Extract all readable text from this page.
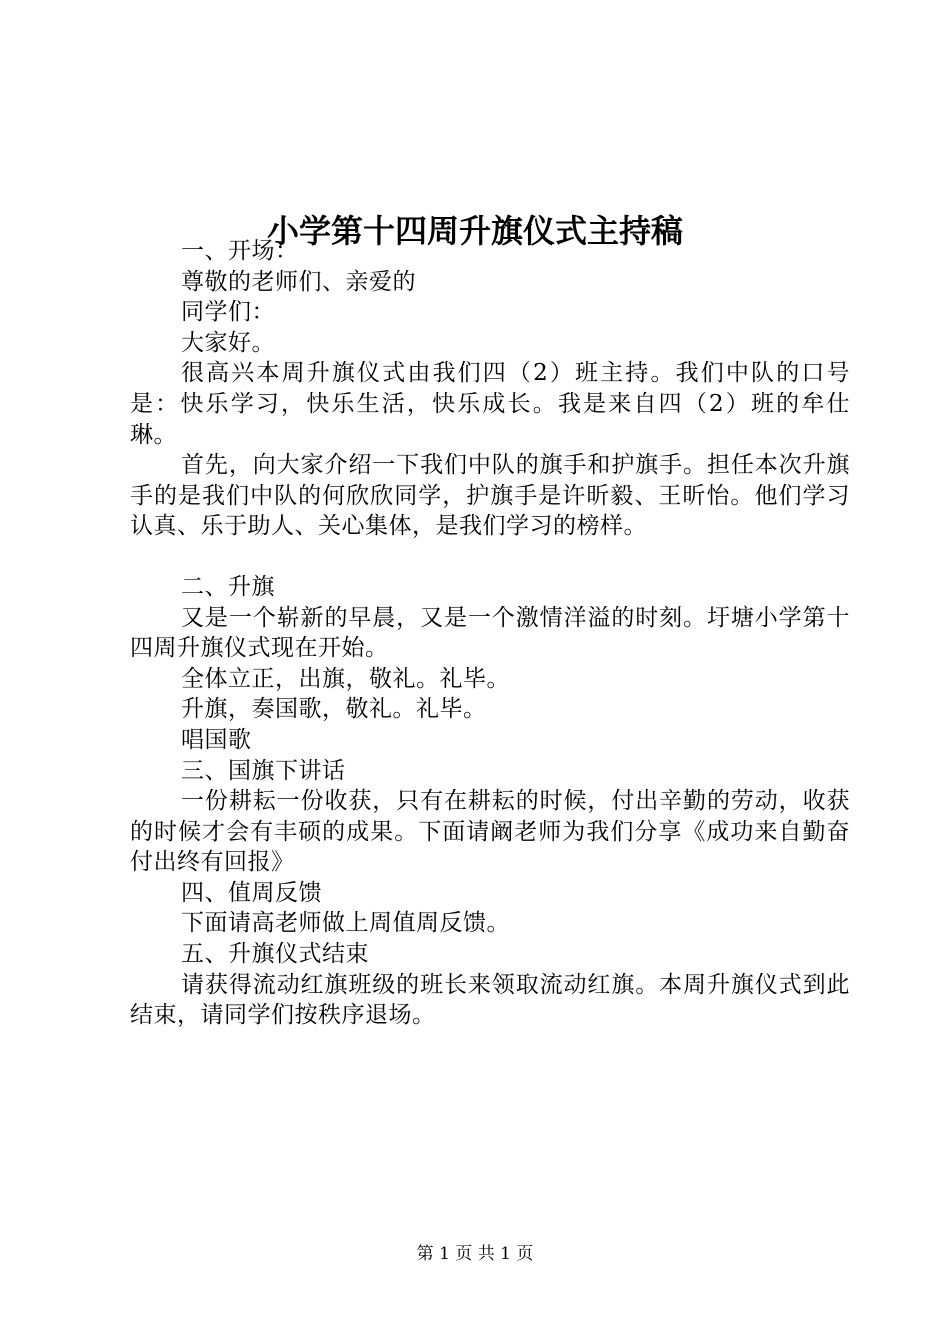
小学第十四周升旗仪式主持稿

一、开场：

尊敬的老师们、亲爱的

同学们：

大家好。

很高兴本周升旗仪式由我们四（2）班主持。我们中队的口号是：快乐学习，快乐生活，快乐成长。我是来自四（2）班的牟仕琳。

首先，向大家介绍一下我们中队的旗手和护旗手。担任本次升旗手的是我们中队的何欣欣同学，护旗手是许昕毅、王昕怡。他们学习认真、乐于助人、关心集体，是我们学习的榜样。

二、升旗

又是一个崭新的早晨，又是一个激情洋溢的时刻。圩塘小学第十四周升旗仪式现在开始。

全体立正，出旗，敬礼。礼毕。

升旗，奏国歌，敬礼。礼毕。

唱国歌

三、国旗下讲话

一份耕耘一份收获，只有在耕耘的时候，付出辛勤的劳动，收获的时候才会有丰硕的成果。下面请阚老师为我们分享《成功来自勤奋付出终有回报》

四、值周反馈

下面请高老师做上周值周反馈。

五、升旗仪式结束

请获得流动红旗班级的班长来领取流动红旗。本周升旗仪式到此结束，请同学们按秩序退场。

第 1 页 共 1 页
